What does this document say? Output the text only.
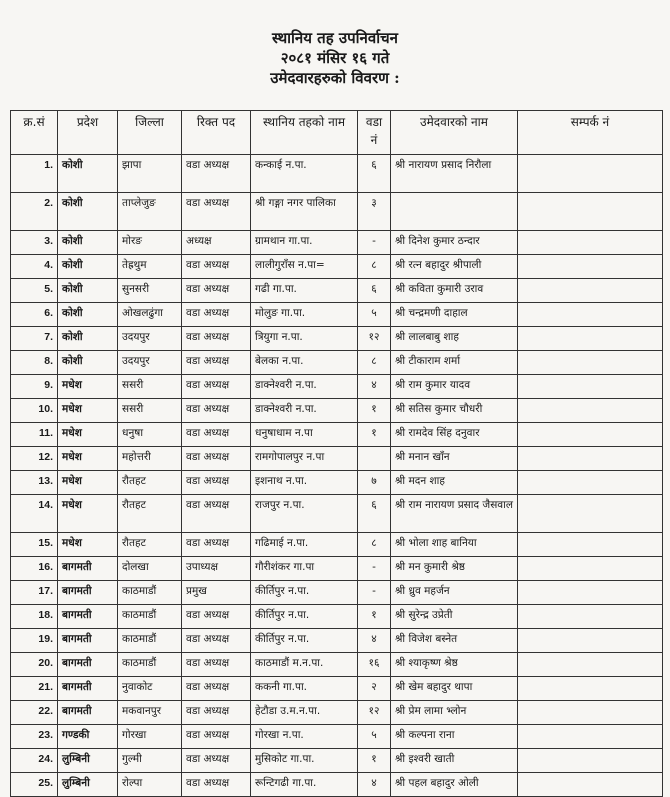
स्थानिय तह उपनिर्वाचन
२०८१ मंसिर १६ गते
उमेदवारहरुको विवरण :
क्र.सं	प्रदेश	जिल्ला	रिक्त पद	स्थानिय तहको नाम	वडा नं	उमेदवारको नाम	सम्पर्क नं
1.	कोशी	झापा	वडा अध्यक्ष	कन्काई न.पा.	६	श्री नारायण प्रसाद निरौला	
2.	कोशी	ताप्लेजुङ	वडा अध्यक्ष	श्री गङ्गा नगर पालिका	३		
3.	कोशी	मोरङ	अध्यक्ष	ग्रामथान गा.पा.	-	श्री दिनेश कुमार ठन्दार	
4.	कोशी	तेह्रथुम	वडा अध्यक्ष	लालीगुराँस न.पा=	८	श्री रत्न बहादुर श्रीपाली	
5.	कोशी	सुनसरी	वडा अध्यक्ष	गढी गा.पा.	६	श्री कविता कुमारी उराव	
6.	कोशी	ओखलढुंगा	वडा अध्यक्ष	मोलुङ गा.पा.	५	श्री चन्द्रमणी दाहाल	
7.	कोशी	उदयपुर	वडा अध्यक्ष	त्रियुगा न.पा.	१२	श्री लालबाबु शाह	
8.	कोशी	उदयपुर	वडा अध्यक्ष	बेलका न.पा.	८	श्री टीकाराम शर्मा	
9.	मधेश	ससरी	वडा अध्यक्ष	डाक्नेश्वरी न.पा.	४	श्री राम कुमार यादव	
10.	मधेश	ससरी	वडा अध्यक्ष	डाक्नेश्वरी न.पा.	१	श्री सतिस कुमार चौधरी	
11.	मधेश	धनुषा	वडा अध्यक्ष	धनुषाधाम न.पा	१	श्री रामदेव सिंह दनुवार	
12.	मधेश	महोत्तरी	वडा अध्यक्ष	रामगोपालपुर न.पा		श्री मनान खाँन	
13.	मधेश	रौतहट	वडा अध्यक्ष	इशनाथ न.पा.	७	श्री मदन शाह	
14.	मधेश	रौतहट	वडा अध्यक्ष	राजपुर न.पा.	६	श्री राम नारायण प्रसाद जैसवाल	
15.	मधेश	रौतहट	वडा अध्यक्ष	गढिमाई न.पा.	८	श्री भोला शाह बानिया	
16.	बागमती	दोलखा	उपाध्यक्ष	गौरीशंकर गा.पा	-	श्री मन कुमारी श्रेष्ठ	
17.	बागमती	काठमाडौं	प्रमुख	कीर्तिपुर न.पा.	-	श्री ध्रुव महर्जन	
18.	बागमती	काठमाडौं	वडा अध्यक्ष	कीर्तिपुर न.पा.	१	श्री सुरेन्द्र उप्रेती	
19.	बागमती	काठमाडौं	वडा अध्यक्ष	कीर्तिपुर न.पा.	४	श्री विजेश बस्नेत	
20.	बागमती	काठमाडौं	वडा अध्यक्ष	काठमाडौं म.न.पा.	१६	श्री श्याकृष्ण श्रेष्ठ	
21.	बागमती	नुवाकोट	वडा अध्यक्ष	ककनी गा.पा.	२	श्री खेम बहादुर थापा	
22.	बागमती	मकवानपुर	वडा अध्यक्ष	हेटौडा उ.म.न.पा.	१२	श्री प्रेम लामा भ्लोन	
23.	गण्डकी	गोरखा	वडा अध्यक्ष	गोरखा न.पा.	५	श्री कल्पना राना	
24.	लुम्बिनी	गुल्मी	वडा अध्यक्ष	मुसिकोट गा.पा.	१	श्री इश्वरी खाती	
25.	लुम्बिनी	रोल्पा	वडा अध्यक्ष	रून्टिगढी गा.पा.	४	श्री पहल बहादुर ओली	
